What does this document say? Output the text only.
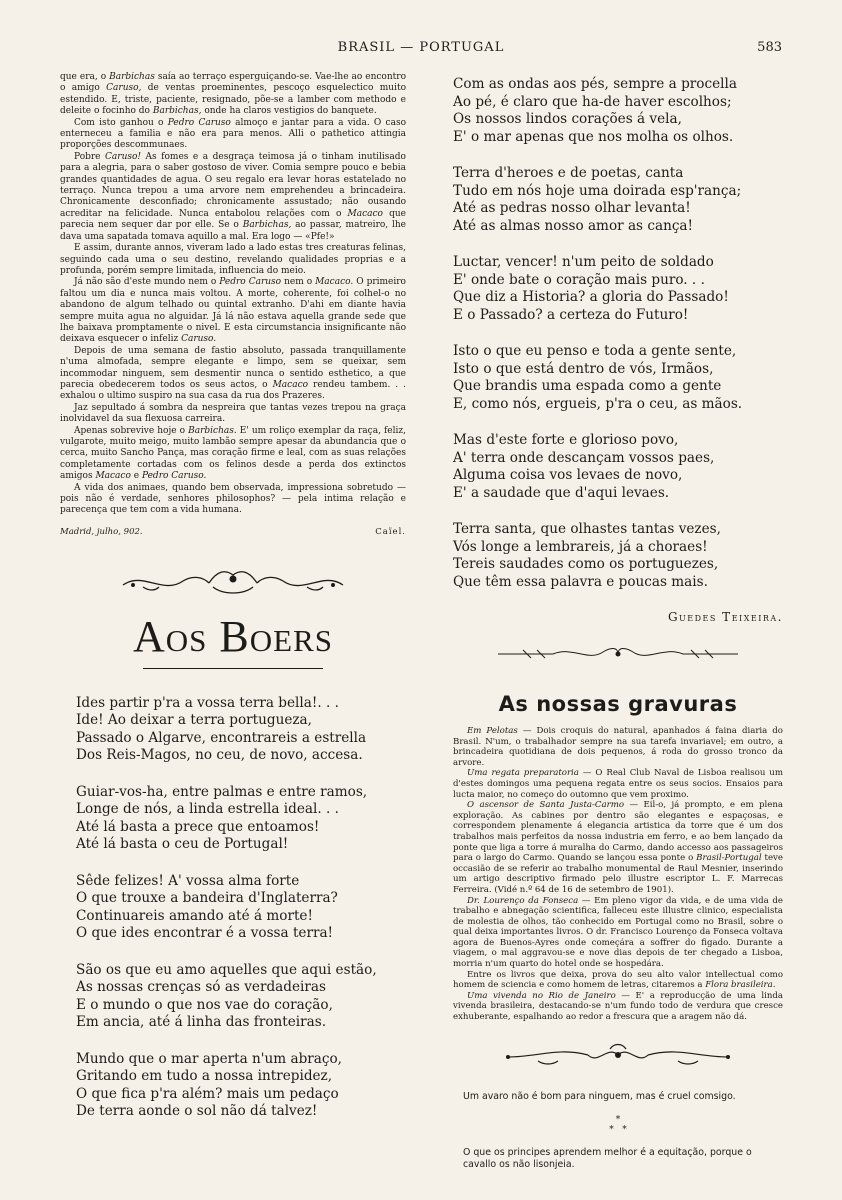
BRASIL — PORTUGAL	583

que era, o Barbichas saía ao terraço esperguiçando-se. Vae-lhe ao encontro o amigo Caruso, de ventas proeminentes, pescoço esquelectico muito estendido. E, triste, paciente, resignado, põe-se a lamber com methodo e deleite o focinho do Barbichas, onde ha claros vestigios do banquete.

Com isto ganhou o Pedro Caruso almoço e jantar para a vida. O caso enterneceu a familia e não era para menos. Alli o pathetico attingia proporções descommunaes.

Pobre Caruso! As fomes e a desgraça teimosa já o tinham inutilisado para a alegria, para o saber gostoso de viver. Comia sempre pouco e bebia grandes quantidades de agua. O seu regalo era levar horas estatelado no terraço. Nunca trepou a uma arvore nem emprehendeu a brincadeira. Chronicamente desconfiado; chronicamente assustado; não ousando acreditar na felicidade. Nunca entabolou relações com o Macaco que parecia nem sequer dar por elle. Se o Barbichas, ao passar, matreiro, lhe dava uma sapatada tomava aquillo a mal. Era logo — «Pfe!»

E assim, durante annos, viveram lado a lado estas tres creaturas felinas, seguindo cada uma o seu destino, revelando qualidades proprias e a profunda, porém sempre limitada, influencia do meio.

Já não são d'este mundo nem o Pedro Caruso nem o Macaco. O primeiro faltou um dia e nunca mais voltou. A morte, coherente, foi colhel-o no abandono de algum telhado ou quintal extranho. D'ahi em diante havia sempre muita agua no alguidar. Já lá não estava aquella grande sede que lhe baixava promptamente o nivel. E esta circumstancia insignificante não deixava esquecer o infeliz Caruso.

Depois de uma semana de fastio absoluto, passada tranquillamente n'uma almofada, sempre elegante e limpo, sem se queixar, sem incommodar ninguem, sem desmentir nunca o sentido esthetico, a que parecia obedecerem todos os seus actos, o Macaco rendeu tambem. . . exhalou o ultimo suspiro na sua casa da rua dos Prazeres.

Jaz sepultado á sombra da nespreira que tantas vezes trepou na graça inolvidavel da sua flexuosa carreira.

Apenas sobrevive hoje o Barbichas. E' um roliço exemplar da raça, feliz, vulgarote, muito meigo, muito lambão sempre apesar da abundancia que o cerca, muito Sancho Pança, mas coração firme e leal, com as suas relações completamente cortadas com os felinos desde a perda dos extinctos amigos Macaco e Pedro Caruso.

A vida dos animaes, quando bem observada, impressiona sobretudo — pois não é verdade, senhores philosophos? — pela intima relação e parecença que tem com a vida humana.

Madrid, julho, 902.	Caïel.
Aos Boers
Ides partir p'ra a vossa terra bella!. . .
Ide! Ao deixar a terra portugueza,
Passado o Algarve, encontrareis a estrella
Dos Reis-Magos, no ceu, de novo, accesa.
Guiar-vos-ha, entre palmas e entre ramos,
Longe de nós, a linda estrella ideal. . .
Até lá basta a prece que entoamos!
Até lá basta o ceu de Portugal!
Sêde felizes! A' vossa alma forte
O que trouxe a bandeira d'Inglaterra?
Continuareis amando até á morte!
O que ides encontrar é a vossa terra!
São os que eu amo aquelles que aqui estão,
As nossas crenças só as verdadeiras
E o mundo o que nos vae do coração,
Em ancia, até á linha das fronteiras.
Mundo que o mar aperta n'um abraço,
Gritando em tudo a nossa intrepidez,
O que fica p'ra além? mais um pedaço
De terra aonde o sol não dá talvez!
Com as ondas aos pés, sempre a procella
Ao pé, é claro que ha-de haver escolhos;
Os nossos lindos corações á vela,
E' o mar apenas que nos molha os olhos.
Terra d'heroes e de poetas, canta
Tudo em nós hoje uma doirada esp'rança;
Até as pedras nosso olhar levanta!
Até as almas nosso amor as cança!
Luctar, vencer! n'um peito de soldado
E' onde bate o coração mais puro. . .
Que diz a Historia? a gloria do Passado!
E o Passado? a certeza do Futuro!
Isto o que eu penso e toda a gente sente,
Isto o que está dentro de vós, Irmãos,
Que brandis uma espada como a gente
E, como nós, ergueis, p'ra o ceu, as mãos.
Mas d'este forte e glorioso povo,
A' terra onde descançam vossos paes,
Alguma coisa vos levaes de novo,
E' a saudade que d'aqui levaes.
Terra santa, que olhastes tantas vezes,
Vós longe a lembrareis, já a choraes!
Tereis saudades como os portuguezes,
Que têm essa palavra e poucas mais.
Guedes Teixeira.
As nossas gravuras

Em Pelotas — Dois croquis do natural, apanhados á faina diaria do Brasil. N'um, o trabalhador sempre na sua tarefa invariavel; em outro, a brincadeira quotidiana de dois pequenos, á roda do grosso tronco da arvore.

Uma regata preparatoria — O Real Club Naval de Lisboa realisou um d'estes domingos uma pequena regata entre os seus socios. Ensaios para lucta maior, no começo do outomno que vem proximo.

O ascensor de Santa Justa-Carmo — Eil-o, já prompto, e em plena exploração. As cabines por dentro são elegantes e espaçosas, e correspondem plenamente á elegancia artistica da torre que é um dos trabalhos mais perfeitos da nossa industria em ferro, e ao bem lançado da ponte que liga a torre á muralha do Carmo, dando accesso aos passageiros para o largo do Carmo. Quando se lançou essa ponte o Brasil-Portugal teve occasião de se referir ao trabalho monumental de Raul Mesnier, inserindo um artigo descriptivo firmado pelo illustre escriptor L. F. Marrecas Ferreira. (Vidé n.º 64 de 16 de setembro de 1901).

Dr. Lourenço da Fonseca — Em pleno vigor da vida, e de uma vida de trabalho e abnegação scientifica, falleceu este illustre clinico, especialista de molestia de olhos, tão conhecido em Portugal como no Brasil, sobre o qual deixa importantes livros. O dr. Francisco Lourenço da Fonseca voltava agora de Buenos-Ayres onde começára a soffrer do figado. Durante a viagem, o mal aggravou-se e nove dias depois de ter chegado a Lisboa, morria n'um quarto do hotel onde se hospedára.

Entre os livros que deixa, prova do seu alto valor intellectual como homem de sciencia e como homem de letras, citaremos a Flora brasileira.

Uma vivenda no Rio de Janeiro — E' a reproducção de uma linda vivenda brasileira, destacando-se n'um fundo todo de verdura que cresce exhuberante, espalhando ao redor a frescura que a aragem não dá.

Um avaro não é bom para ninguem, mas é cruel comsigo.

*
*   *

O que os principes aprendem melhor é a equitação, porque o cavallo os não lisonjeia.
